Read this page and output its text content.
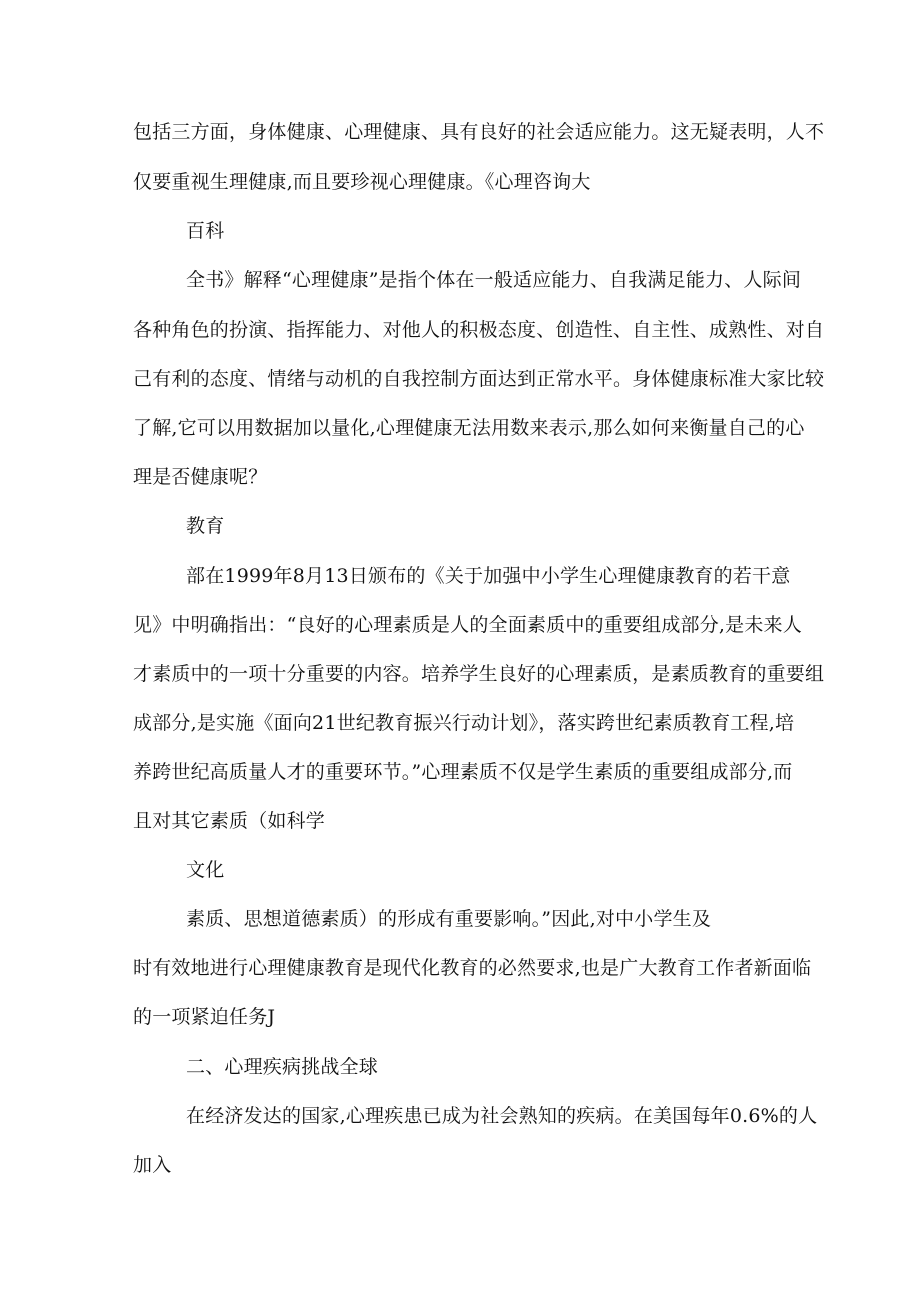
包括三方面，身体健康、心理健康、具有良好的社会适应能力。这无疑表明，人不
仅要重视生理健康,而且要珍视心理健康。《心理咨询大
百科
全书》解释“心理健康”是指个体在一般适应能力、自我满足能力、人际间
各种角色的扮演、指挥能力、对他人的积极态度、创造性、自主性、成熟性、对自
己有利的态度、情绪与动机的自我控制方面达到正常水平。身体健康标准大家比较
了解,它可以用数据加以量化,心理健康无法用数来表示,那么如何来衡量自己的心
理是否健康呢？
教育
部在1999年8月13日颁布的《关于加强中小学生心理健康教育的若干意
见》中明确指出：“良好的心理素质是人的全面素质中的重要组成部分,是未来人
才素质中的一项十分重要的内容。培养学生良好的心理素质，是素质教育的重要组
成部分,是实施《面向21世纪教育振兴行动计划》，落实跨世纪素质教育工程,培
养跨世纪高质量人才的重要环节。”心理素质不仅是学生素质的重要组成部分,而
且对其它素质（如科学
文化
素质、思想道德素质）的形成有重要影响。”因此,对中小学生及
时有效地进行心理健康教育是现代化教育的必然要求,也是广大教育工作者新面临
的一项紧迫任务J
二、心理疾病挑战全球
在经济发达的国家,心理疾患已成为社会熟知的疾病。在美国每年0.6%的人
加入
